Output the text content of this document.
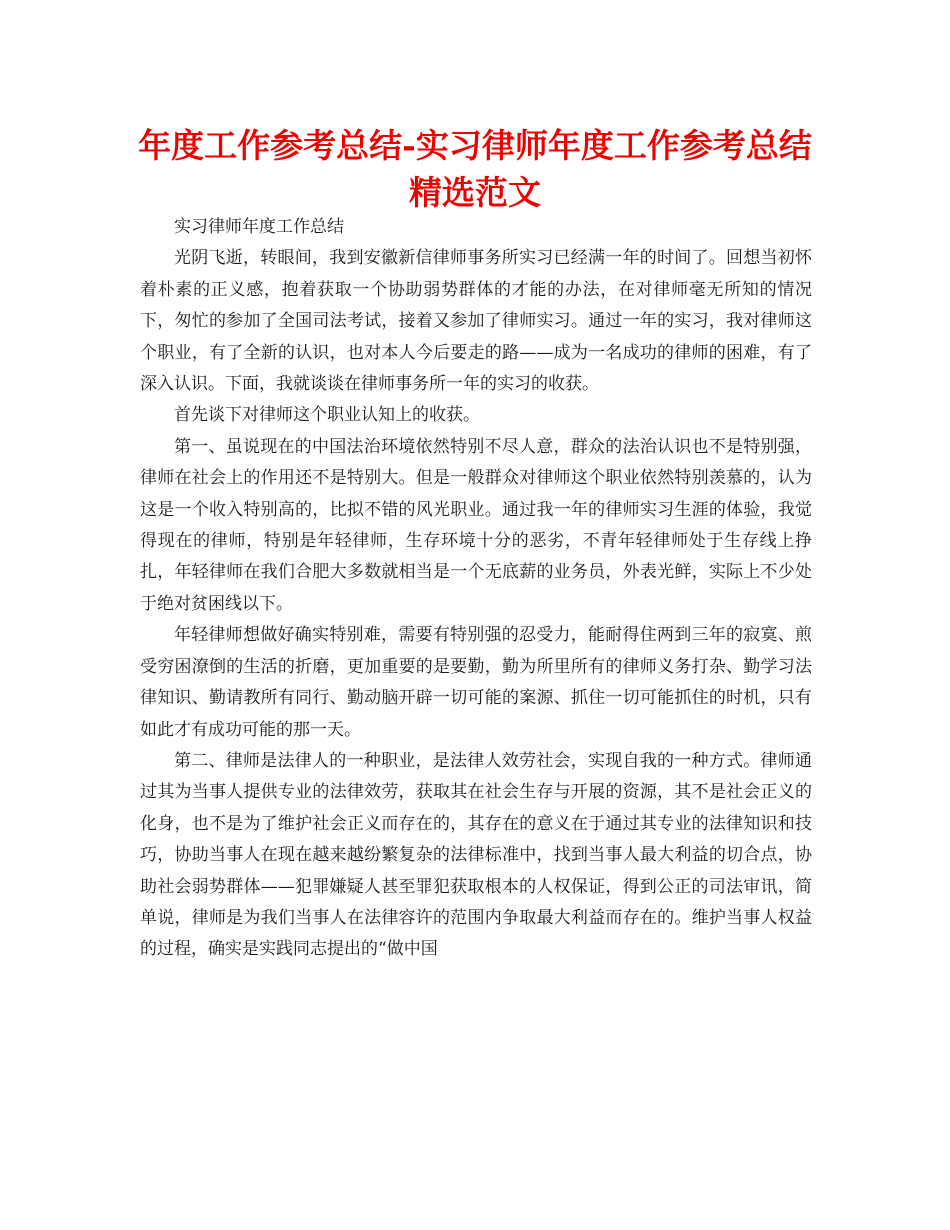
年度工作参考总结-实习律师年度工作参考总结精选范文

实习律师年度工作总结

光阴飞逝，转眼间，我到安徽新信律师事务所实习已经满一年的时间了。回想当初怀着朴素的正义感，抱着获取一个协助弱势群体的才能的办法，在对律师毫无所知的情况下，匆忙的参加了全国司法考试，接着又参加了律师实习。通过一年的实习，我对律师这个职业，有了全新的认识，也对本人今后要走的路——成为一名成功的律师的困难，有了深入认识。下面，我就谈谈在律师事务所一年的实习的收获。

首先谈下对律师这个职业认知上的收获。

第一、虽说现在的中国法治环境依然特别不尽人意，群众的法治认识也不是特别强，律师在社会上的作用还不是特别大。但是一般群众对律师这个职业依然特别羡慕的，认为这是一个收入特别高的，比拟不错的风光职业。通过我一年的律师实习生涯的体验，我觉得现在的律师，特别是年轻律师，生存环境十分的恶劣，不青年轻律师处于生存线上挣扎，年轻律师在我们合肥大多数就相当是一个无底薪的业务员，外表光鲜，实际上不少处于绝对贫困线以下。

年轻律师想做好确实特别难，需要有特别强的忍受力，能耐得住两到三年的寂寞、煎受穷困潦倒的生活的折磨，更加重要的是要勤，勤为所里所有的律师义务打杂、勤学习法律知识、勤请教所有同行、勤动脑开辟一切可能的案源、抓住一切可能抓住的时机，只有如此才有成功可能的那一天。

第二、律师是法律人的一种职业，是法律人效劳社会，实现自我的一种方式。律师通过其为当事人提供专业的法律效劳，获取其在社会生存与开展的资源，其不是社会正义的化身，也不是为了维护社会正义而存在的，其存在的意义在于通过其专业的法律知识和技巧，协助当事人在现在越来越纷繁复杂的法律标准中，找到当事人最大利益的切合点，协助社会弱势群体——犯罪嫌疑人甚至罪犯获取根本的人权保证，得到公正的司法审讯，简单说，律师是为我们当事人在法律容许的范围内争取最大利益而存在的。维护当事人权益的过程，确实是实践同志提出的“做中国
